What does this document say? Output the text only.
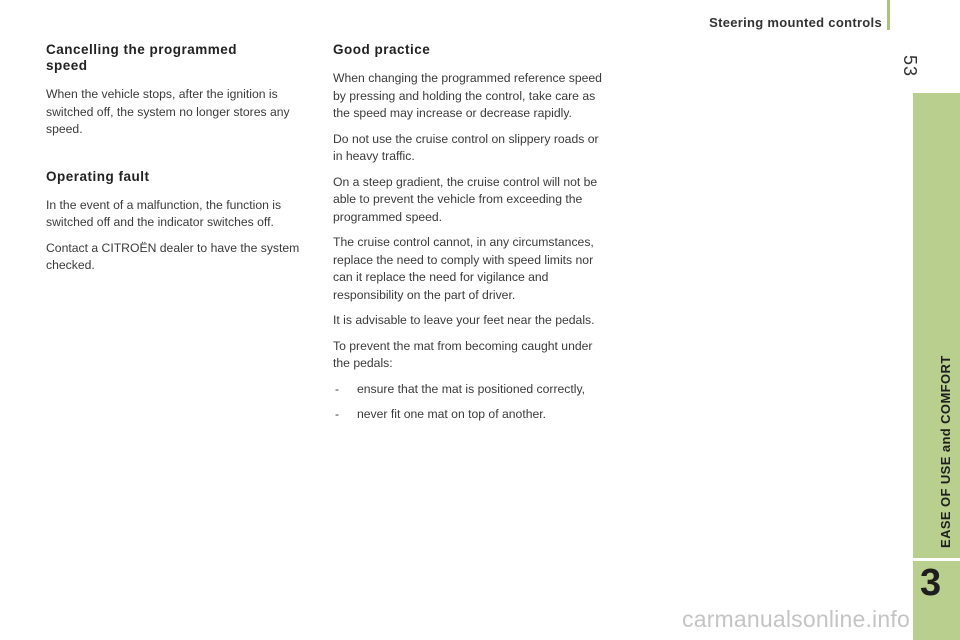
Steering mounted controls
53
EASE OF USE and COMFORT
3
Cancelling the programmed speed

When the vehicle stops, after the ignition is switched off, the system no longer stores any speed.

Operating fault

In the event of a malfunction, the function is switched off and the indicator switches off.

Contact a CITROËN dealer to have the system checked.

Good practice

When changing the programmed reference speed by pressing and holding the control, take care as the speed may increase or decrease rapidly.

Do not use the cruise control on slippery roads or in heavy traffic.

On a steep gradient, the cruise control will not be able to prevent the vehicle from exceeding the programmed speed.

The cruise control cannot, in any circumstances, replace the need to comply with speed limits nor can it replace the need for vigilance and responsibility on the part of driver.

It is advisable to leave your feet near the pedals.

To prevent the mat from becoming caught under the pedals:

- ensure that the mat is positioned correctly,
- never fit one mat on top of another.
carmanualsonline.info
